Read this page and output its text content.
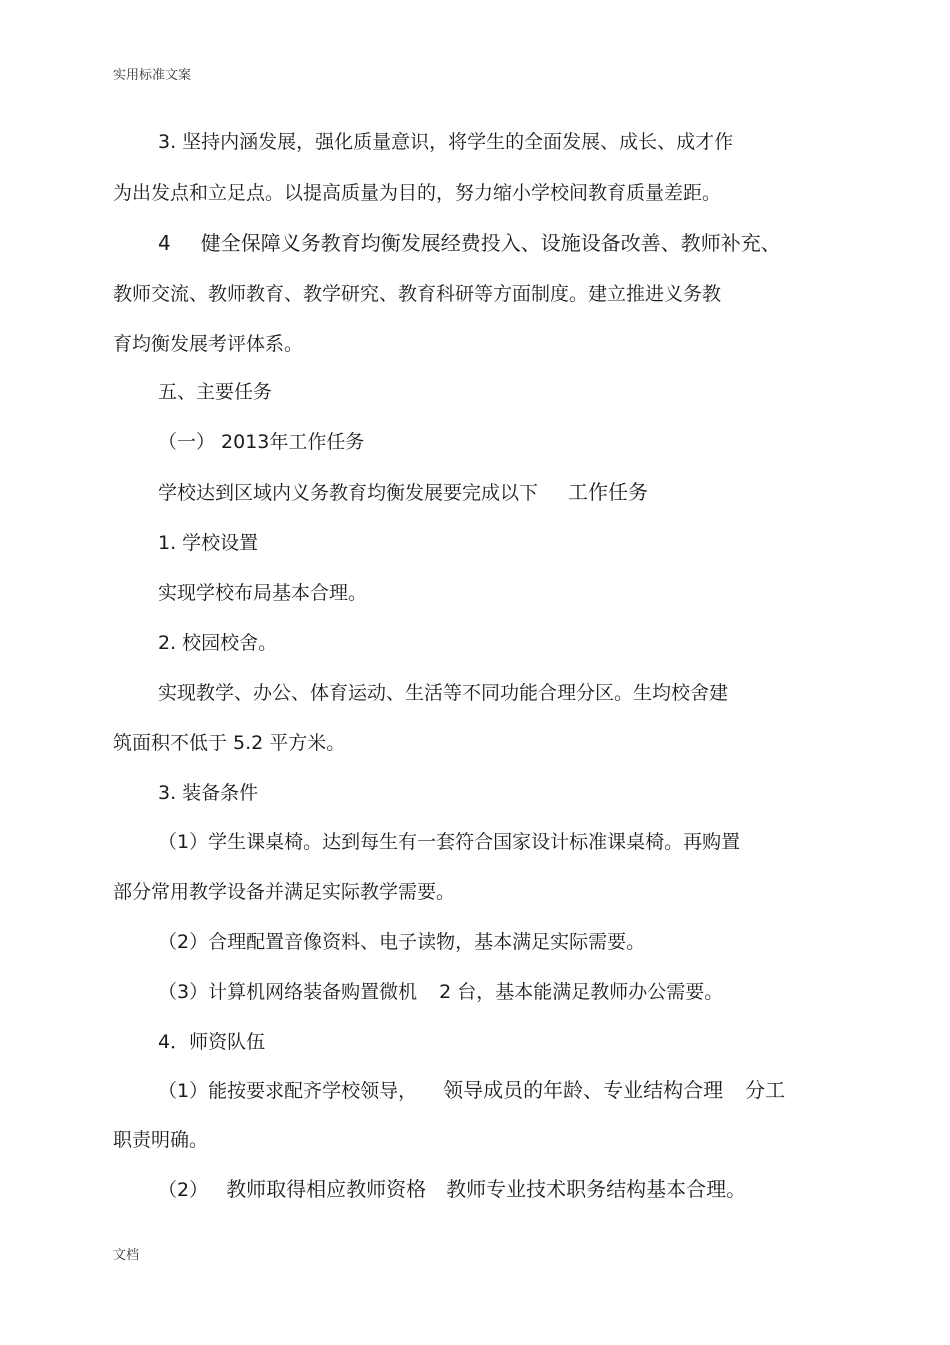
实用标准文案
3. 坚持内涵发展，强化质量意识，将学生的全面发展、成长、成才作
为出发点和立足点。以提高质量为目的，努力缩小学校间教育质量差距。
4 健全保障义务教育均衡发展经费投入、设施设备改善、教师补充、
教师交流、教师教育、教学研究、教育科研等方面制度。建立推进义务教
育均衡发展考评体系。
五、主要任务
（一） 2013年工作任务
学校达到区域内义务教育均衡发展要完成以下 工作任务
1. 学校设置
实现学校布局基本合理。
2. 校园校舍。
实现教学、办公、体育运动、生活等不同功能合理分区。生均校舍建
筑面积不低于 5.2 平方米。
3. 装备条件
（1）学生课桌椅。达到每生有一套符合国家设计标准课桌椅。再购置
部分常用教学设备并满足实际教学需要。
（2）合理配置音像资料、电子读物，基本满足实际需要。
（3）计算机网络装备购置微机 2 台，基本能满足教师办公需要。
4．师资队伍
（1）能按要求配齐学校领导， 领导成员的年龄、专业结构合理 分工
职责明确。
（2） 教师取得相应教师资格 教师专业技术职务结构基本合理。
文档
